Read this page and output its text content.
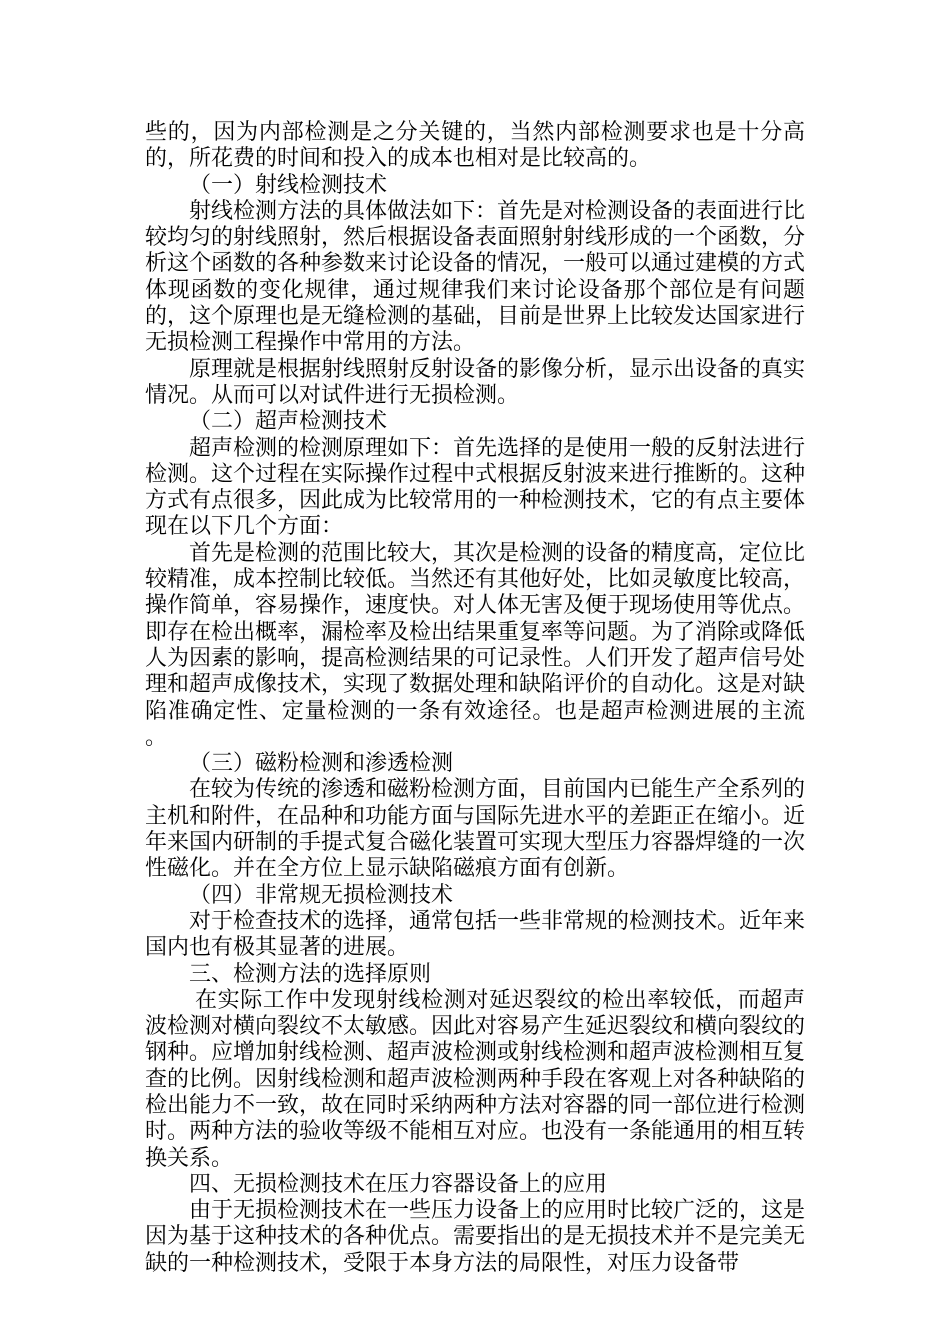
些的，因为内部检测是之分关键的，当然内部检测要求也是十分高的，所花费的时间和投入的成本也相对是比较高的。

（一）射线检测技术

射线检测方法的具体做法如下：首先是对检测设备的表面进行比较均匀的射线照射，然后根据设备表面照射射线形成的一个函数，分析这个函数的各种参数来讨论设备的情况，一般可以通过建模的方式体现函数的变化规律，通过规律我们来讨论设备那个部位是有问题的，这个原理也是无缝检测的基础，目前是世界上比较发达国家进行无损检测工程操作中常用的方法。

原理就是根据射线照射反射设备的影像分析，显示出设备的真实情况。从而可以对试件进行无损检测。

（二）超声检测技术

超声检测的检测原理如下：首先选择的是使用一般的反射法进行检测。这个过程在实际操作过程中式根据反射波来进行推断的。这种方式有点很多，因此成为比较常用的一种检测技术，它的有点主要体现在以下几个方面：

首先是检测的范围比较大，其次是检测的设备的精度高，定位比较精准，成本控制比较低。当然还有其他好处，比如灵敏度比较高，操作简单，容易操作，速度快。对人体无害及便于现场使用等优点。即存在检出概率，漏检率及检出结果重复率等问题。为了消除或降低人为因素的影响，提高检测结果的可记录性。人们开发了超声信号处理和超声成像技术，实现了数据处理和缺陷评价的自动化。这是对缺陷准确定性、定量检测的一条有效途径。也是超声检测进展的主流 。

（三）磁粉检测和渗透检测

在较为传统的渗透和磁粉检测方面，目前国内已能生产全系列的主机和附件，在品种和功能方面与国际先进水平的差距正在缩小。近年来国内研制的手提式复合磁化装置可实现大型压力容器焊缝的一次性磁化。并在全方位上显示缺陷磁痕方面有创新。

（四）非常规无损检测技术

对于检查技术的选择，通常包括一些非常规的检测技术。近年来国内也有极其显著的进展。

三、检测方法的选择原则

在实际工作中发现射线检测对延迟裂纹的检出率较低，而超声波检测对横向裂纹不太敏感。因此对容易产生延迟裂纹和横向裂纹的钢种。应增加射线检测、超声波检测或射线检测和超声波检测相互复查的比例。因射线检测和超声波检测两种手段在客观上对各种缺陷的检出能力不一致，故在同时采纳两种方法对容器的同一部位进行检测时。两种方法的验收等级不能相互对应。也没有一条能通用的相互转换关系。

四、无损检测技术在压力容器设备上的应用

由于无损检测技术在一些压力设备上的应用时比较广泛的，这是因为基于这种技术的各种优点。需要指出的是无损技术并不是完美无缺的一种检测技术，受限于本身方法的局限性，对压力设备带
